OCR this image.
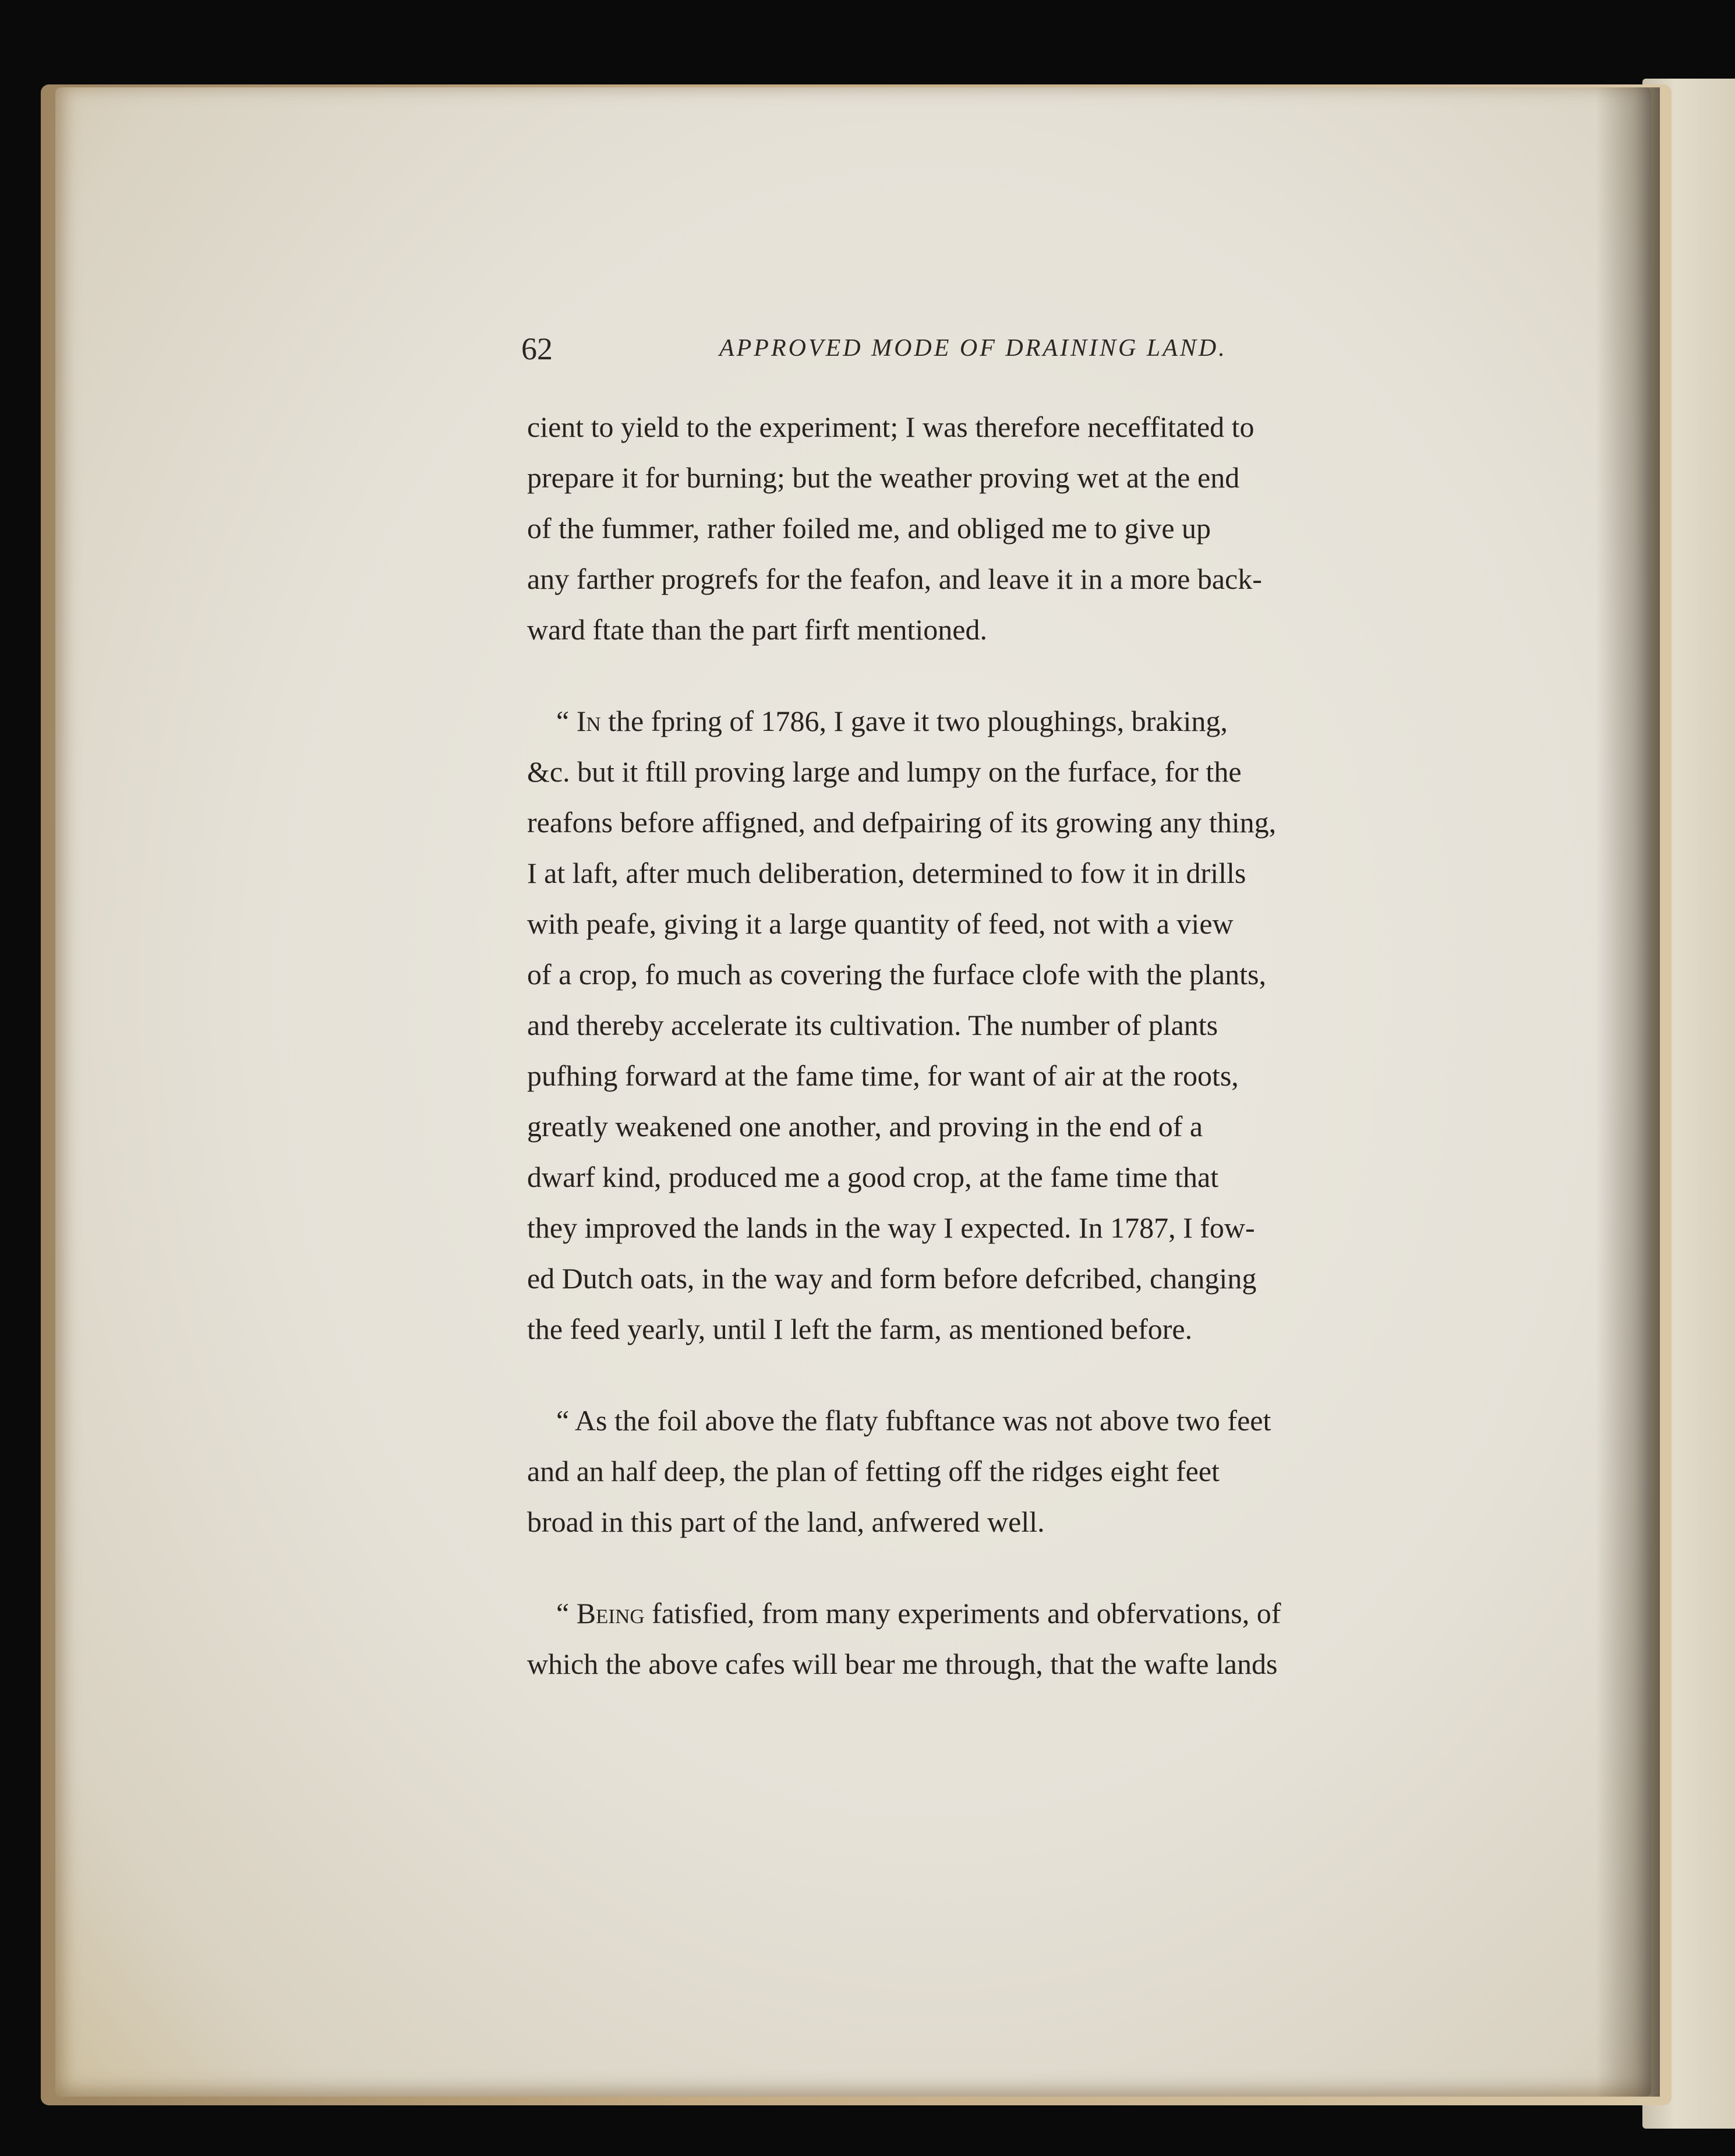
62	APPROVED MODE OF DRAINING LAND.
cient to yield to the experiment; I was therefore neceffitated to
prepare it for burning; but the weather proving wet at the end
of the fummer, rather foiled me, and obliged me to give up
any farther progrefs for the feafon, and leave it in a more back-
ward ftate than the part firft mentioned.
“ In the fpring of 1786, I gave it two ploughings, braking,
&c. but it ftill proving large and lumpy on the furface, for the
reafons before affigned, and defpairing of its growing any thing,
I at laft, after much deliberation, determined to fow it in drills
with peafe, giving it a large quantity of feed, not with a view
of a crop, fo much as covering the furface clofe with the plants,
and thereby accelerate its cultivation. The number of plants
pufhing forward at the fame time, for want of air at the roots,
greatly weakened one another, and proving in the end of a
dwarf kind, produced me a good crop, at the fame time that
they improved the lands in the way I expected. In 1787, I fow-
ed Dutch oats, in the way and form before defcribed, changing
the feed yearly, until I left the farm, as mentioned before.
“ As the foil above the flaty fubftance was not above two feet
and an half deep, the plan of fetting off the ridges eight feet
broad in this part of the land, anfwered well.
“ Being fatisfied, from many experiments and obfervations, of
which the above cafes will bear me through, that the wafte lands
